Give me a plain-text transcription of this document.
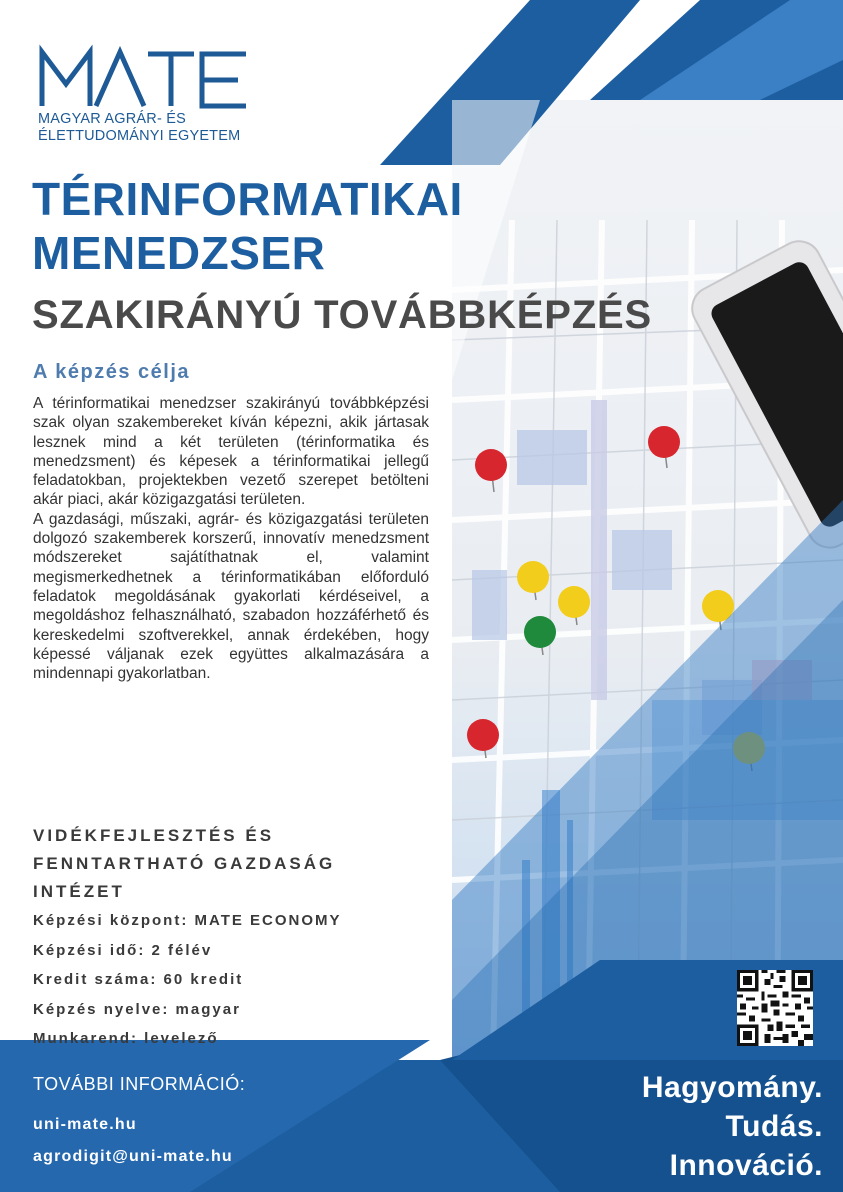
MAGYAR AGRÁR- ÉS
ÉLETTUDOMÁNYI EGYETEM
TÉRINFORMATIKAI
MENEDZSER
SZAKIRÁNYÚ TOVÁBBKÉPZÉS
A képzés célja

A térinformatikai menedzser szakirányú továbbképzési szak olyan szakembereket kíván képezni, akik jártasak lesznek mind a két területen (térinformatika és menedzsment) és képesek a térinformatikai jellegű feladatokban, projektekben vezető szerepet betölteni akár piaci, akár közigazgatási területen.

A gazdasági, műszaki, agrár- és közigazgatási területen dolgozó szakemberek korszerű, innovatív menedzsment módszereket sajátíthatnak el, valamint megismerkedhetnek a térinformatikában előforduló feladatok megoldásának gyakorlati kérdéseivel, a megoldáshoz felhasználható, szabadon hozzáférhető és kereskedelmi szoftverekkel, annak érdekében, hogy képessé váljanak ezek együttes alkalmazására a mindennapi gyakorlatban.

VIDÉKFEJLESZTÉS ÉS
FENNTARTHATÓ GAZDASÁG
INTÉZET
Képzési központ: MATE ECONOMY
Képzési idő: 2 félév
Kredit száma: 60 kredit
Képzés nyelve: magyar
Munkarend: levelező
TOVÁBBI INFORMÁCIÓ:
uni-mate.hu
agrodigit@uni-mate.hu
Hagyomány.
Tudás.
Innováció.
